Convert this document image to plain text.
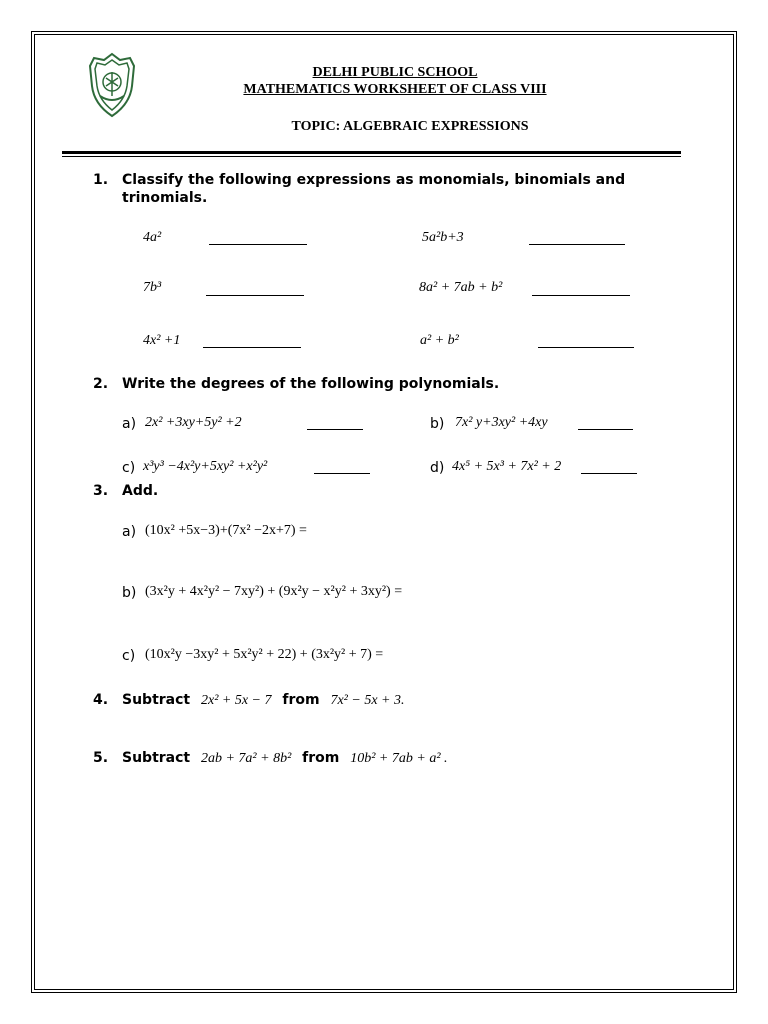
DELHI PUBLIC SCHOOL
MATHEMATICS WORKSHEET OF CLASS VIII
TOPIC: ALGEBRAIC EXPRESSIONS
1. Classify the following expressions as monomials, binomials and trinomials.
4a²	5a²b+3
7b³	8a² + 7ab + b²
4x² +1	a² + b²
2. Write the degrees of the following polynomials.
a) 2x² +3xy+5y² +2	b) 7x² y+3xy² +4xy
c) x³y³ −4x²y+5xy² +x²y²	d) 4x⁵ + 5x³ + 7x² + 2
3. Add.
a) (10x² +5x−3)+(7x² −2x+7) =
b) (3x²y + 4x²y² − 7xy²) + (9x²y − x²y² + 3xy²) =
c) (10x²y −3xy² + 5x²y² + 22) + (3x²y² + 7) =
4. Subtract 2x² + 5x − 7 from 7x² − 5x + 3.
5. Subtract 2ab + 7a² + 8b² from 10b² + 7ab + a² .
